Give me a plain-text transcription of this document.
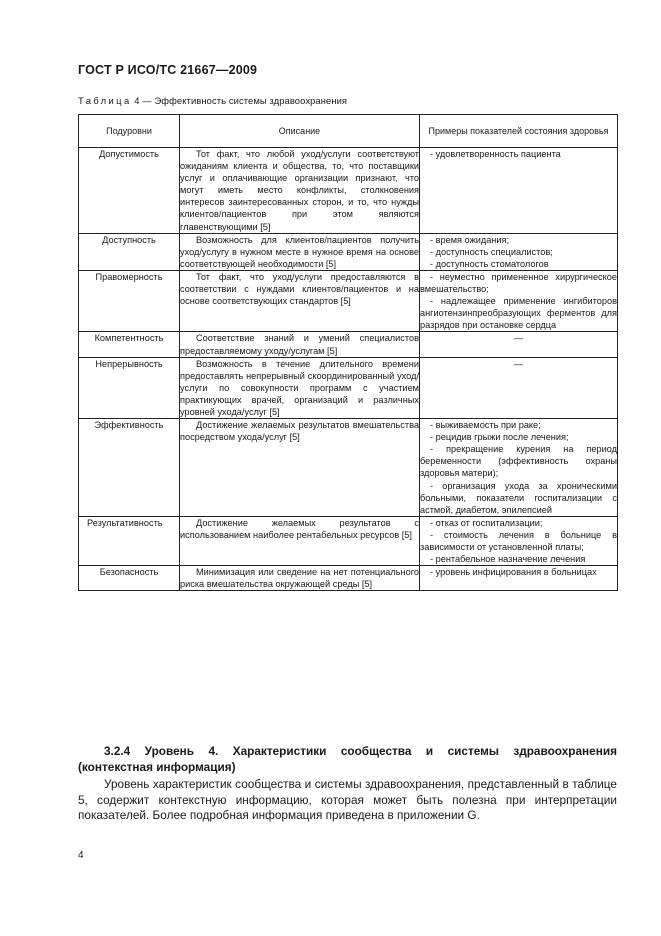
ГОСТ Р ИСО/ТС 21667—2009
Таблица 4 — Эффективность системы здравоохранения
Подуровни	Описание	Примеры показателей состояния здоровья
Допустимость	Тот факт, что любой уход/услуги соответствуют ожиданиям клиента и общества, то, что поставщики услуг и оплачивающие организации признают, что могут иметь место конфликты, столкновения интересов заинтересованных сторон, и то, что нужды клиентов/пациентов при этом являются главенствующими [5]	- удовлетворенность пациента

Доступность	Возможность для клиентов/пациентов получить уход/услугу в нужном месте в нужное время на основе соответствующей необходимости [5]	- время ожидания;
- доступность специалистов;
- доступность стоматологов

Правомерность	Тот факт, что уход/услуги предоставляются в соответствии с нуждами клиентов/пациентов и на основе соответствующих стандартов [5]	- неуместно примененное хирургическое вмешательство;
- надлежащее применение ингибиторов ангиотензинпреобразующих ферментов для разрядов при остановке сердца

Компетентность	Соответствие знаний и умений специалистов предоставляемому уходу/услугам [5]	—

Непрерывность	Возможность в течение длительного времени предоставлять непрерывный скоординированный уход/услуги по совокупности программ с участием практикующих врачей, организаций и различных уровней ухода/услуг [5]	—

Эффективность	Достижение желаемых результатов вмешательства посредством ухода/услуг [5]	- выживаемость при раке;
- рецидив грыжи после лечения;
- прекращение курения на период беременности (эффективность охраны здоровья матери);
- организация ухода за хроническими больными, показатели госпитализации с астмой, диабетом, эпилепсией

Результативность	Достижение желаемых результатов с использованием наиболее рентабельных ресурсов [5]	- отказ от госпитализации;
- стоимость лечения в больнице в зависимости от установленной платы;
- рентабельное назначение лечения

Безопасность	Минимизация или сведение на нет потенциального риска вмешательства окружающей среды [5]	- уровень инфицирования в больницах
3.2.4 Уровень 4. Характеристики сообщества и системы здравоохранения (контекстная информация)
Уровень характеристик сообщества и системы здравоохранения, представленный в таблице 5, содержит контекстную информацию, которая может быть полезна при интерпретации показателей. Более подробная информация приведена в приложении G.
4
